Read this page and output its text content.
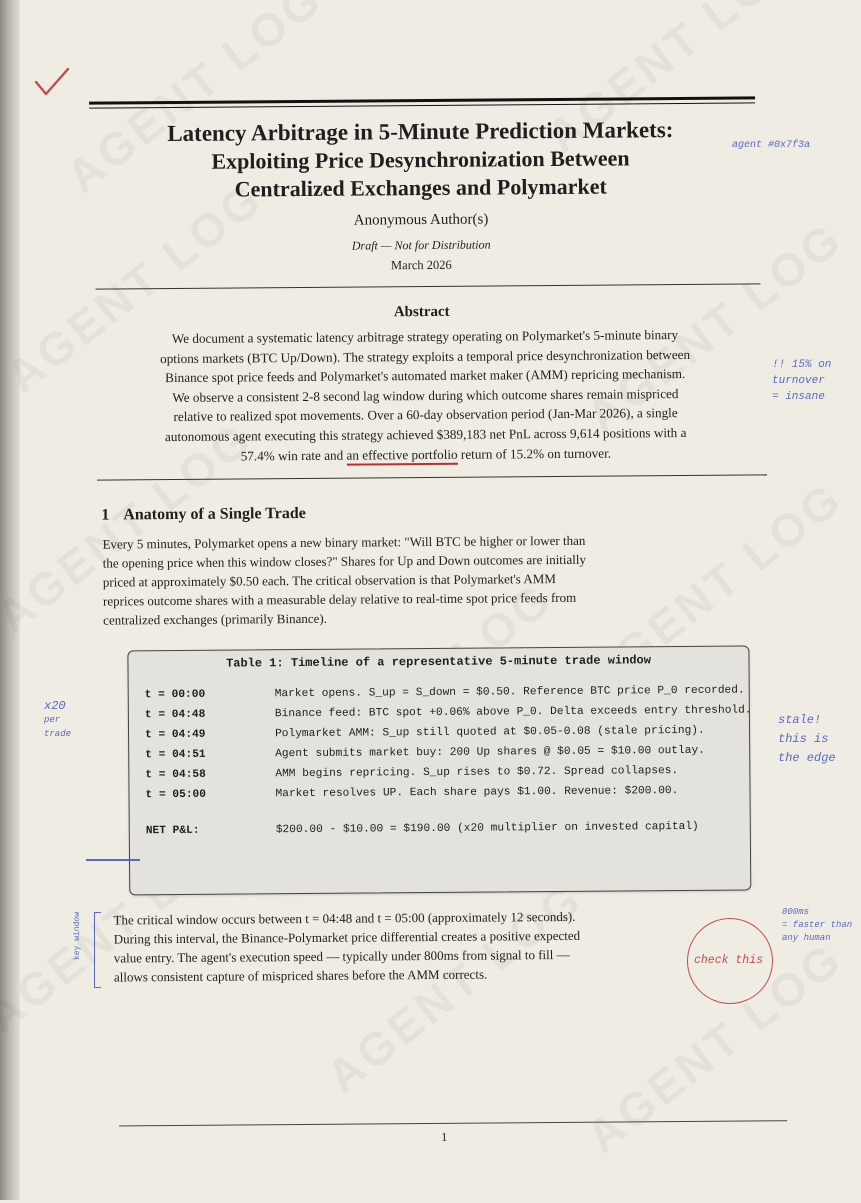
Latency Arbitrage in 5-Minute Prediction Markets:
Exploiting Price Desynchronization Between
Centralized Exchanges and Polymarket
Anonymous Author(s)
Draft — Not for Distribution
March 2026
Abstract
We document a systematic latency arbitrage strategy operating on Polymarket's 5-minute binary options markets (BTC Up/Down). The strategy exploits a temporal price desynchronization between Binance spot price feeds and Polymarket's automated market maker (AMM) repricing mechanism. We observe a consistent 2-8 second lag window during which outcome shares remain mispriced relative to realized spot movements. Over a 60-day observation period (Jan-Mar 2026), a single autonomous agent executing this strategy achieved $389,183 net PnL across 9,614 positions with a 57.4% win rate and an effective portfolio return of 15.2% on turnover.
1 Anatomy of a Single Trade
Every 5 minutes, Polymarket opens a new binary market: "Will BTC be higher or lower than the opening price when this window closes?" Shares for Up and Down outcomes are initially priced at approximately $0.50 each. The critical observation is that Polymarket's AMM reprices outcome shares with a measurable delay relative to real-time spot price feeds from centralized exchanges (primarily Binance).
Table 1: Timeline of a representative 5-minute trade window
t = 00:00	Market opens. S_up = S_down = $0.50. Reference BTC price P_0 recorded.
t = 04:48	Binance feed: BTC spot +0.06% above P_0. Delta exceeds entry threshold.
t = 04:49	Polymarket AMM: S_up still quoted at $0.05-0.08 (stale pricing).
t = 04:51	Agent submits market buy: 200 Up shares @ $0.05 = $10.00 outlay.
t = 04:58	AMM begins repricing. S_up rises to $0.72. Spread collapses.
t = 05:00	Market resolves UP. Each share pays $1.00. Revenue: $200.00.
NET P&L:	$200.00 - $10.00 = $190.00 (x20 multiplier on invested capital)
The critical window occurs between t = 04:48 and t = 05:00 (approximately 12 seconds). During this interval, the Binance-Polymarket price differential creates a positive expected value entry. The agent's execution speed — typically under 800ms from signal to fill — allows consistent capture of mispriced shares before the AMM corrects.
1
agent #0x7f3a
!! 15% on
turnover
= insane
x20
per
trade
stale!
this is
the edge
key window	800ms
= faster than
any human
check this
